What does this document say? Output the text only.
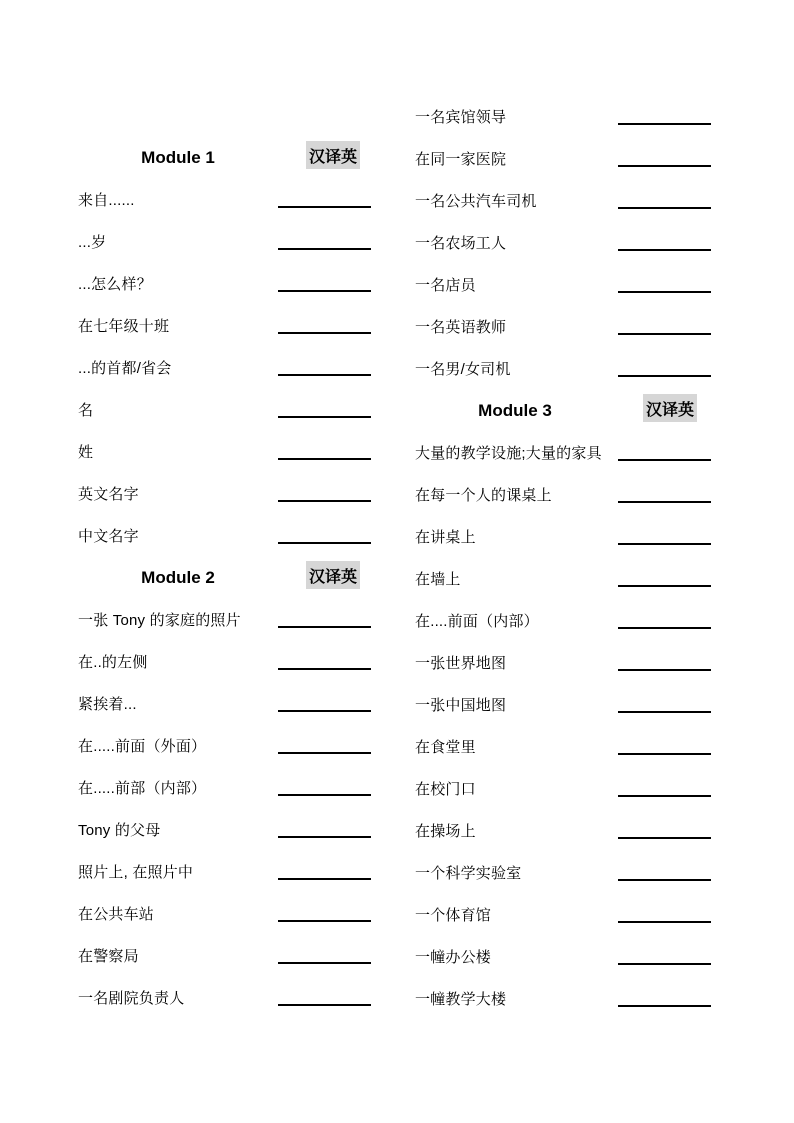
Module 1	汉译英
来自......
...岁
...怎么样？
在七年级十班
...的首都/省会
名
姓
英文名字
中文名字
Module 2	汉译英
一张 Tony 的家庭的照片
在..的左侧
紧挨着...
在.....前面（外面）
在.....前部（内部）
Tony 的父母
照片上, 在照片中
在公共车站
在警察局
一名剧院负责人
一名宾馆领导
在同一家医院
一名公共汽车司机
一名农场工人
一名店员
一名英语教师
一名男/女司机
Module 3	汉译英
大量的教学设施;大量的家具
在每一个人的课桌上
在讲桌上
在墙上
在....前面（内部）
一张世界地图
一张中国地图
在食堂里
在校门口
在操场上
一个科学实验室
一个体育馆
一幢办公楼
一幢教学大楼
